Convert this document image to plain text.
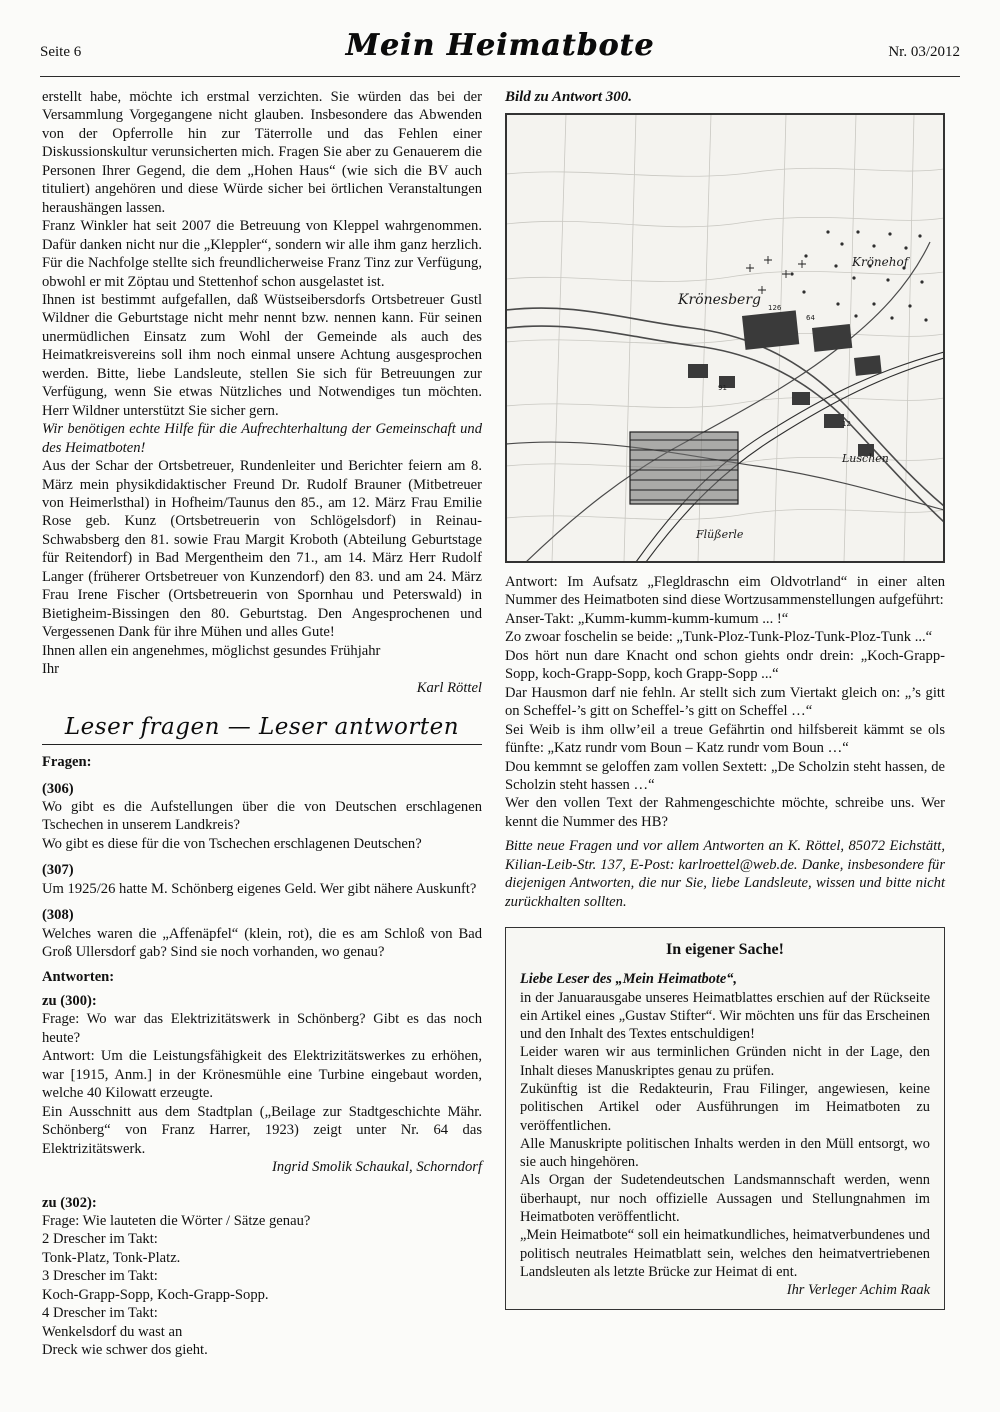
Seite 6	Mein Heimatbote	Nr. 03/2012
erstellt habe, möchte ich erstmal verzichten. Sie würden das bei der Versammlung Vorgegangene nicht glauben. Insbesondere das Abwenden von der Opferrolle hin zur Täterrolle und das Fehlen einer Diskussionskultur verunsicherten mich. Fragen Sie aber zu Genauerem die Personen Ihrer Gegend, die dem „Hohen Haus“ (wie sich die BV auch tituliert) angehören und diese Würde sicher bei örtlichen Veranstaltungen heraushängen lassen.
Franz Winkler hat seit 2007 die Betreuung von Kleppel wahrgenommen. Dafür danken nicht nur die „Kleppler“, sondern wir alle ihm ganz herzlich. Für die Nachfolge stellte sich freundlicherweise Franz Tinz zur Verfügung, obwohl er mit Zöptau und Stettenhof schon ausgelastet ist.
Ihnen ist bestimmt aufgefallen, daß Wüstseibersdorfs Ortsbetreuer Gustl Wildner die Geburtstage nicht mehr nennt bzw. nennen kann. Für seinen unermüdlichen Einsatz zum Wohl der Gemeinde als auch des Heimatkreisvereins soll ihm noch einmal unsere Achtung ausgesprochen werden. Bitte, liebe Landsleute, stellen Sie sich für Betreuungen zur Verfügung, wenn Sie etwas Nützliches und Notwendiges tun möchten. Herr Wildner unterstützt Sie sicher gern.
Wir benötigen echte Hilfe für die Aufrechterhaltung der Gemeinschaft und des Heimatboten!
Aus der Schar der Ortsbetreuer, Rundenleiter und Berichter feiern am 8. März mein physikdidaktischer Freund Dr. Rudolf Brauner (Mitbetreuer von Heimerlsthal) in Hofheim/Taunus den 85., am 12. März Frau Emilie Rose geb. Kunz (Ortsbetreuerin von Schlögelsdorf) in Reinau-Schwabsberg den 81. sowie Frau Margit Kroboth (Abteilung Geburtstage für Reitendorf) in Bad Mergentheim den 71., am 14. März Herr Rudolf Langer (früherer Ortsbetreuer von Kunzendorf) den 83. und am 24. März Frau Irene Fischer (Ortsbetreuerin von Spornhau und Peterswald) in Bietigheim-Bissingen den 80. Geburtstag. Den Angesprochenen und Vergessenen Dank für ihre Mühen und alles Gute!
Ihnen allen ein angenehmes, möglichst gesundes Frühjahr
Ihr
Karl Röttel
Leser fragen — Leser antworten
Fragen:
(306)
Wo gibt es die Aufstellungen über die von Deutschen erschlagenen Tschechen in unserem Landkreis?
Wo gibt es diese für die von Tschechen erschlagenen Deutschen?
(307)
Um 1925/26 hatte M. Schönberg eigenes Geld. Wer gibt nähere Auskunft?
(308)
Welches waren die „Affenäpfel“ (klein, rot), die es am Schloß von Bad Groß Ullersdorf gab? Sind sie noch vorhanden, wo genau?
Antworten:
zu (300):
Frage: Wo war das Elektrizitätswerk in Schönberg? Gibt es das noch heute?
Antwort: Um die Leistungsfähigkeit des Elektrizitätswerkes zu erhöhen, war [1915, Anm.] in der Krönesmühle eine Turbine eingebaut worden, welche 40 Kilowatt erzeugte.
Ein Ausschnitt aus dem Stadtplan („Beilage zur Stadtgeschichte Mähr. Schönberg“ von Franz Harrer, 1923) zeigt unter Nr. 64 das Elektrizitätswerk.
Ingrid Smolik Schaukal, Schorndorf
zu (302):
Frage: Wie lauteten die Wörter / Sätze genau?
2 Drescher im Takt:
Tonk-Platz, Tonk-Platz.
3 Drescher im Takt:
Koch-Grapp-Sopp, Koch-Grapp-Sopp.
4 Drescher im Takt:
Wenkelsdorf du wast an
Dreck wie schwer dos gieht.
Bild zu Antwort 300.
Krönesberg
Krönehof
Luschen
Flüßerle
126
64
91
12
Antwort: Im Aufsatz „Flegldraschn eim Oldvotrland“ in einer alten Nummer des Heimatboten sind diese Wortzusammenstellungen aufgeführt:
Anser-Takt: „Kumm-kumm-kumm-kumum ... !“
Zo zwoar foschelin se beide: „Tunk-Ploz-Tunk-Ploz-Tunk-Ploz-Tunk ...“
Dos hört nun dare Knacht ond schon giehts ondr drein: „Koch-Grapp-Sopp, koch-Grapp-Sopp, koch Grapp-Sopp ...“
Dar Hausmon darf nie fehln. Ar stellt sich zum Viertakt gleich on: „’s gitt on Scheffel-’s gitt on Scheffel-’s gitt on Scheffel …“
Sei Weib is ihm ollw’eil a treue Gefährtin ond hilfsbereit kämmt se ols fünfte: „Katz rundr vom Boun – Katz rundr vom Boun …“
Dou kemmnt se geloffen zam vollen Sextett: „De Scholzin steht hassen, de Scholzin steht hassen …“
Wer den vollen Text der Rahmengeschichte möchte, schreibe uns. Wer kennt die Nummer des HB?
Bitte neue Fragen und vor allem Antworten an K. Röttel, 85072 Eichstätt, Kilian-Leib-Str. 137, E-Post: karlroettel@web.de. Danke, insbesondere für diejenigen Antworten, die nur Sie, liebe Landsleute, wissen und bitte nicht zurückhalten sollten.
In eigener Sache!

Liebe Leser des „Mein Heimatbote“,

in der Januarausgabe unseres Heimatblattes erschien auf der Rückseite ein Artikel eines „Gustav Stifter“. Wir möchten uns für das Erscheinen und den Inhalt des Textes entschuldigen!

Leider waren wir aus terminlichen Gründen nicht in der Lage, den Inhalt dieses Manuskriptes genau zu prüfen.

Zukünftig ist die Redakteurin, Frau Filinger, angewiesen, keine politischen Artikel oder Ausführungen im Heimatboten zu veröffentlichen.

Alle Manuskripte politischen Inhalts werden in den Müll entsorgt, wo sie auch hingehören.

Als Organ der Sudetendeutschen Landsmannschaft werden, wenn überhaupt, nur noch offizielle Aussagen und Stellungnahmen im Heimatboten veröffentlicht.

„Mein Heimatbote“ soll ein heimatkundliches, heimatverbundenes und politisch neutrales Heimatblatt sein, welches den heimatvertriebenen Landsleuten als letzte Brücke zur Heimat di ent.

Ihr Verleger Achim Raak
